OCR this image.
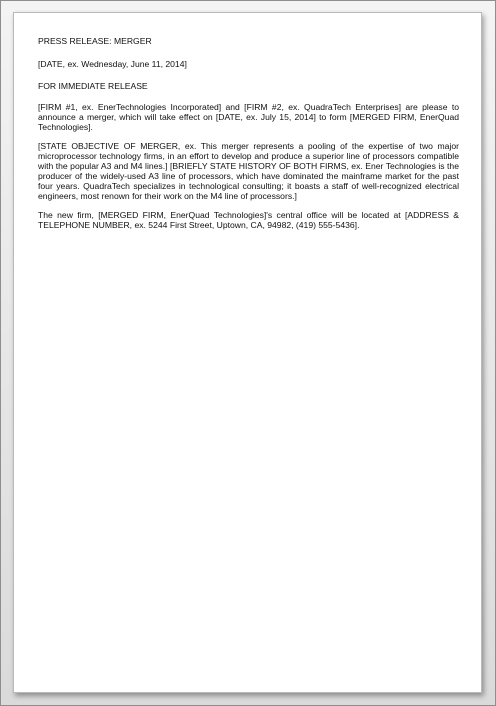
PRESS RELEASE: MERGER

[DATE, ex. Wednesday, June 11, 2014]

FOR IMMEDIATE RELEASE

[FIRM #1, ex. EnerTechnologies Incorporated] and [FIRM #2, ex. QuadraTech Enterprises] are please to announce a merger, which will take effect on [DATE, ex. July 15, 2014] to form [MERGED FIRM, EnerQuad Technologies].

[STATE OBJECTIVE OF MERGER, ex. This merger represents a pooling of the expertise of two major microprocessor technology firms, in an effort to develop and produce a superior line of processors compatible with the popular A3 and M4 lines.] [BRIEFLY STATE HISTORY OF BOTH FIRMS, ex. Ener Technologies is the producer of the widely-used A3 line of processors, which have dominated the mainframe market for the past four years. QuadraTech specializes in technological consulting; it boasts a staff of well-recognized electrical engineers, most renown for their work on the M4 line of processors.]

The new firm, [MERGED FIRM, EnerQuad Technologies]'s central office will be located at [ADDRESS & TELEPHONE NUMBER, ex. 5244 First Street, Uptown, CA, 94982, (419) 555-5436].
